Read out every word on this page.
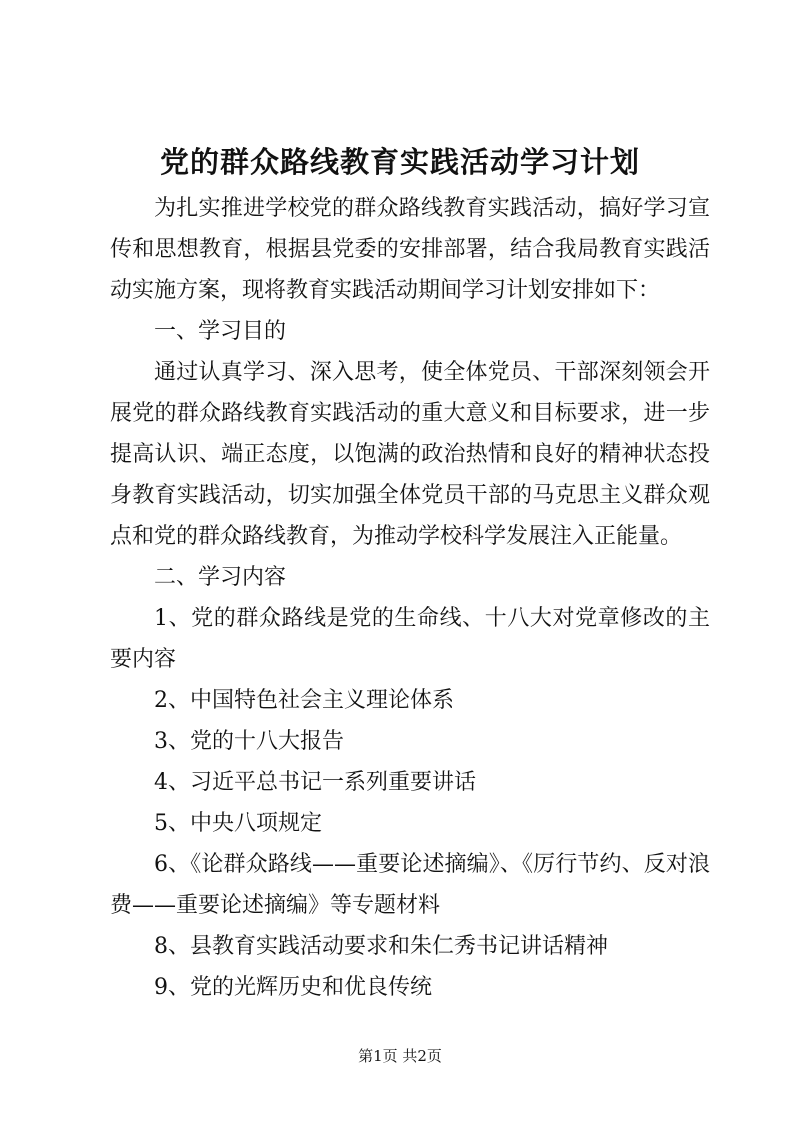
党的群众路线教育实践活动学习计划

为扎实推进学校党的群众路线教育实践活动，搞好学习宣传和思想教育，根据县党委的安排部署，结合我局教育实践活动实施方案，现将教育实践活动期间学习计划安排如下：

一、学习目的

通过认真学习、深入思考，使全体党员、干部深刻领会开展党的群众路线教育实践活动的重大意义和目标要求，进一步提高认识、端正态度，以饱满的政治热情和良好的精神状态投身教育实践活动，切实加强全体党员干部的马克思主义群众观点和党的群众路线教育，为推动学校科学发展注入正能量。

二、学习内容

1、党的群众路线是党的生命线、十八大对党章修改的主要内容

2、中国特色社会主义理论体系

3、党的十八大报告

4、习近平总书记一系列重要讲话

5、中央八项规定

6、《论群众路线——重要论述摘编》、《厉行节约、反对浪费——重要论述摘编》等专题材料

8、县教育实践活动要求和朱仁秀书记讲话精神

9、党的光辉历史和优良传统

第1页 共2页
